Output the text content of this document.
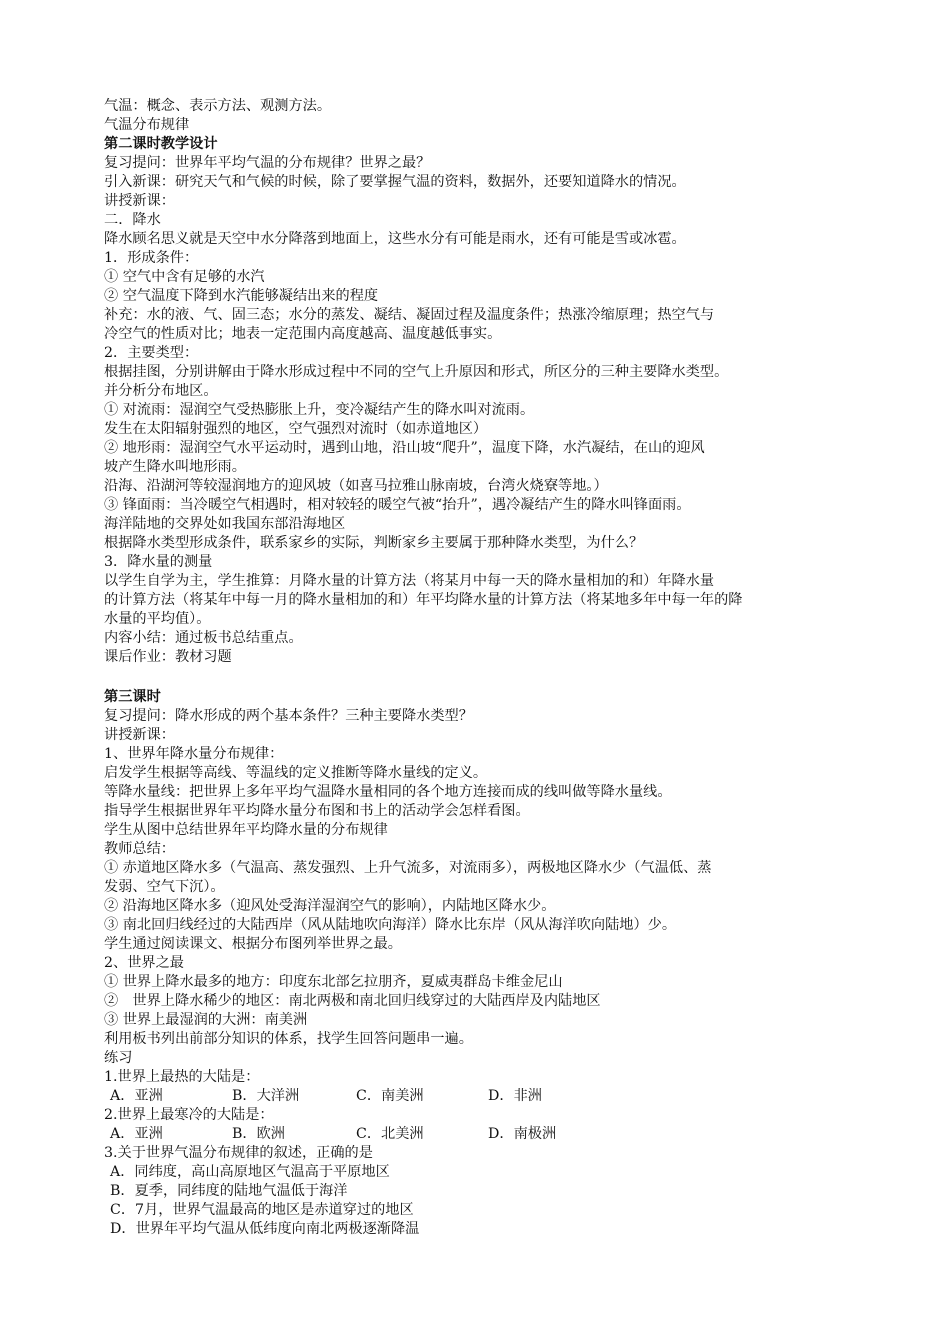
气温：概念、表示方法、观测方法。
气温分布规律
第二课时教学设计
复习提问：世界年平均气温的分布规律？世界之最？
引入新课：研究天气和气候的时候，除了要掌握气温的资料，数据外，还要知道降水的情况。
讲授新课：
二．降水
降水顾名思义就是天空中水分降落到地面上，这些水分有可能是雨水，还有可能是雪或冰雹。
1．形成条件：
① 空气中含有足够的水汽
② 空气温度下降到水汽能够凝结出来的程度
补充：水的液、气、固三态；水分的蒸发、凝结、凝固过程及温度条件；热涨冷缩原理；热空气与
冷空气的性质对比；地表一定范围内高度越高、温度越低事实。
2．主要类型：
根据挂图，分别讲解由于降水形成过程中不同的空气上升原因和形式，所区分的三种主要降水类型。
并分析分布地区。
① 对流雨：湿润空气受热膨胀上升，变冷凝结产生的降水叫对流雨。
发生在太阳辐射强烈的地区，空气强烈对流时（如赤道地区）
② 地形雨：湿润空气水平运动时，遇到山地，沿山坡“爬升”，温度下降，水汽凝结，在山的迎风
坡产生降水叫地形雨。
沿海、沿湖河等较湿润地方的迎风坡（如喜马拉雅山脉南坡，台湾火烧寮等地。）
③ 锋面雨：当冷暖空气相遇时，相对较轻的暖空气被“抬升”，遇冷凝结产生的降水叫锋面雨。
海洋陆地的交界处如我国东部沿海地区
根据降水类型形成条件，联系家乡的实际，判断家乡主要属于那种降水类型，为什么？
3．降水量的测量
以学生自学为主，学生推算：月降水量的计算方法（将某月中每一天的降水量相加的和）年降水量
的计算方法（将某年中每一月的降水量相加的和）年平均降水量的计算方法（将某地多年中每一年的降
水量的平均值）。
内容小结：通过板书总结重点。
课后作业：教材习题
第三课时
复习提问：降水形成的两个基本条件？三种主要降水类型？
讲授新课：
1、世界年降水量分布规律：
启发学生根据等高线、等温线的定义推断等降水量线的定义。
等降水量线：把世界上多年平均气温降水量相同的各个地方连接而成的线叫做等降水量线。
指导学生根据世界年平均降水量分布图和书上的活动学会怎样看图。
学生从图中总结世界年平均降水量的分布规律
教师总结：
① 赤道地区降水多（气温高、蒸发强烈、上升气流多，对流雨多），两极地区降水少（气温低、蒸
发弱、空气下沉）。
② 沿海地区降水多（迎风处受海洋湿润空气的影响），内陆地区降水少。
③ 南北回归线经过的大陆西岸（风从陆地吹向海洋）降水比东岸（风从海洋吹向陆地）少。
学生通过阅读课文、根据分布图列举世界之最。
2、世界之最
① 世界上降水最多的地方：印度东北部乞拉朋齐，夏威夷群岛卡维金尼山
②　世界上降水稀少的地区：南北两极和南北回归线穿过的大陆西岸及内陆地区
③ 世界上最湿润的大洲：南美洲
利用板书列出前部分知识的体系，找学生回答问题串一遍。
练习
1.世界上最热的大陆是：
A．亚洲	B．大洋洲	C．南美洲	D．非洲
2.世界上最寒冷的大陆是：
A．亚洲	B．欧洲	C．北美洲	D．南极洲
3.关于世界气温分布规律的叙述，正确的是
A．同纬度，高山高原地区气温高于平原地区
B．夏季，同纬度的陆地气温低于海洋
C．7月，世界气温最高的地区是赤道穿过的地区
D．世界年平均气温从低纬度向南北两极逐渐降温
